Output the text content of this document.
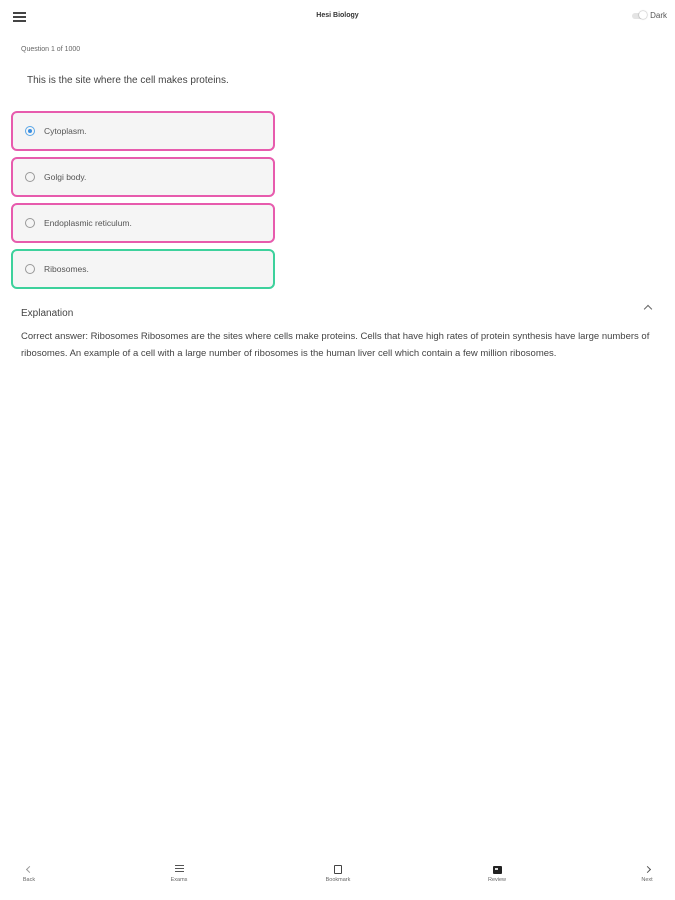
Hesi Biology	Dark
Question 1 of 1000
This is the site where the cell makes proteins.
Cytoplasm.
Golgi body.
Endoplasmic reticulum.
Ribosomes.
Explanation
Correct answer: Ribosomes Ribosomes are the sites where cells make proteins. Cells that have high rates of protein synthesis have large numbers of ribosomes. An example of a cell with a large number of ribosomes is the human liver cell which contain a few million ribosomes.
Back	Exams	Bookmark	Review	Next
